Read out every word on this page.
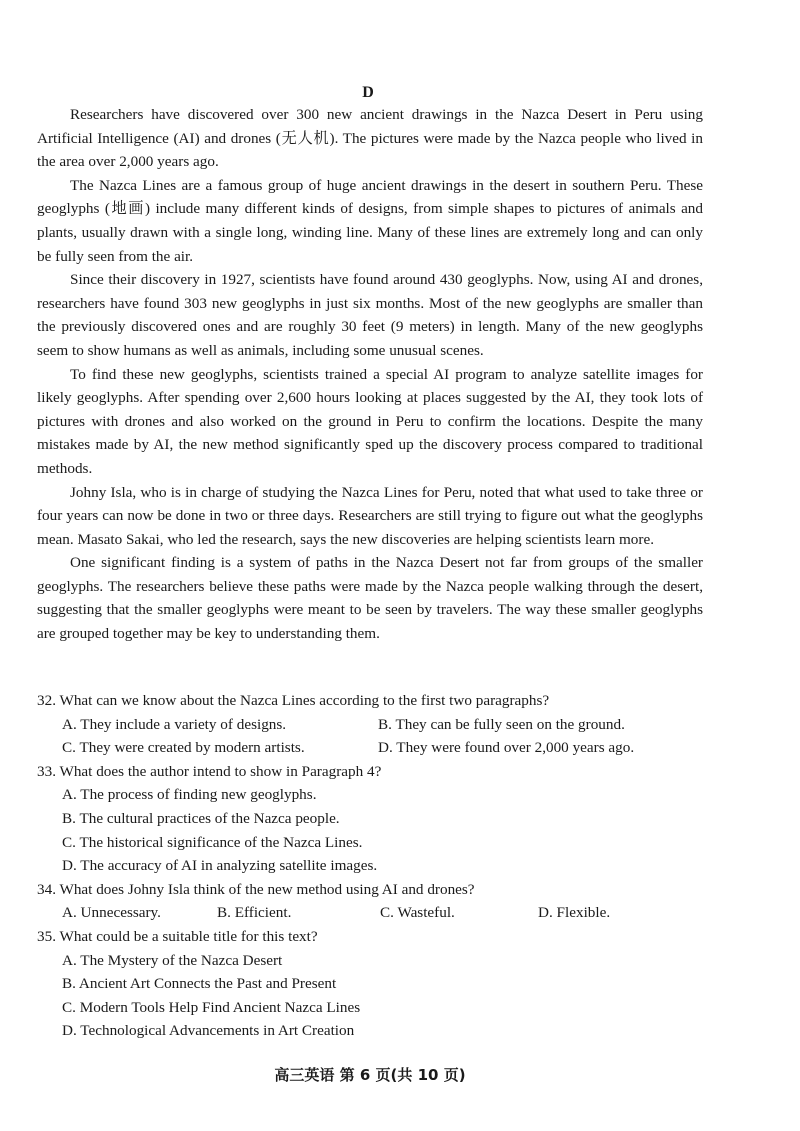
D

Researchers have discovered over 300 new ancient drawings in the Nazca Desert in Peru using Artificial Intelligence (AI) and drones (无人机). The pictures were made by the Nazca people who lived in the area over 2,000 years ago.

The Nazca Lines are a famous group of huge ancient drawings in the desert in southern Peru. These geoglyphs (地画) include many different kinds of designs, from simple shapes to pictures of animals and plants, usually drawn with a single long, winding line. Many of these lines are extremely long and can only be fully seen from the air.

Since their discovery in 1927, scientists have found around 430 geoglyphs. Now, using AI and drones, researchers have found 303 new geoglyphs in just six months. Most of the new geoglyphs are smaller than the previously discovered ones and are roughly 30 feet (9 meters) in length. Many of the new geoglyphs seem to show humans as well as animals, including some unusual scenes.

To find these new geoglyphs, scientists trained a special AI program to analyze satellite images for likely geoglyphs. After spending over 2,600 hours looking at places suggested by the AI, they took lots of pictures with drones and also worked on the ground in Peru to confirm the locations. Despite the many mistakes made by AI, the new method significantly sped up the discovery process compared to traditional methods.

Johny Isla, who is in charge of studying the Nazca Lines for Peru, noted that what used to take three or four years can now be done in two or three days. Researchers are still trying to figure out what the geoglyphs mean. Masato Sakai, who led the research, says the new discoveries are helping scientists learn more.

One significant finding is a system of paths in the Nazca Desert not far from groups of the smaller geoglyphs. The researchers believe these paths were made by the Nazca people walking through the desert, suggesting that the smaller geoglyphs were meant to be seen by travelers. The way these smaller geoglyphs are grouped together may be key to understanding them.

32. What can we know about the Nazca Lines according to the first two paragraphs?
A. They include a variety of designs.	B. They can be fully seen on the ground.
C. They were created by modern artists.	D. They were found over 2,000 years ago.
33. What does the author intend to show in Paragraph 4?
A. The process of finding new geoglyphs.
B. The cultural practices of the Nazca people.
C. The historical significance of the Nazca Lines.
D. The accuracy of AI in analyzing satellite images.
34. What does Johny Isla think of the new method using AI and drones?
A. Unnecessary.	B. Efficient.	C. Wasteful.	D. Flexible.
35. What could be a suitable title for this text?
A. The Mystery of the Nazca Desert
B. Ancient Art Connects the Past and Present
C. Modern Tools Help Find Ancient Nazca Lines
D. Technological Advancements in Art Creation
高三英语 第 6 页(共 10 页)
